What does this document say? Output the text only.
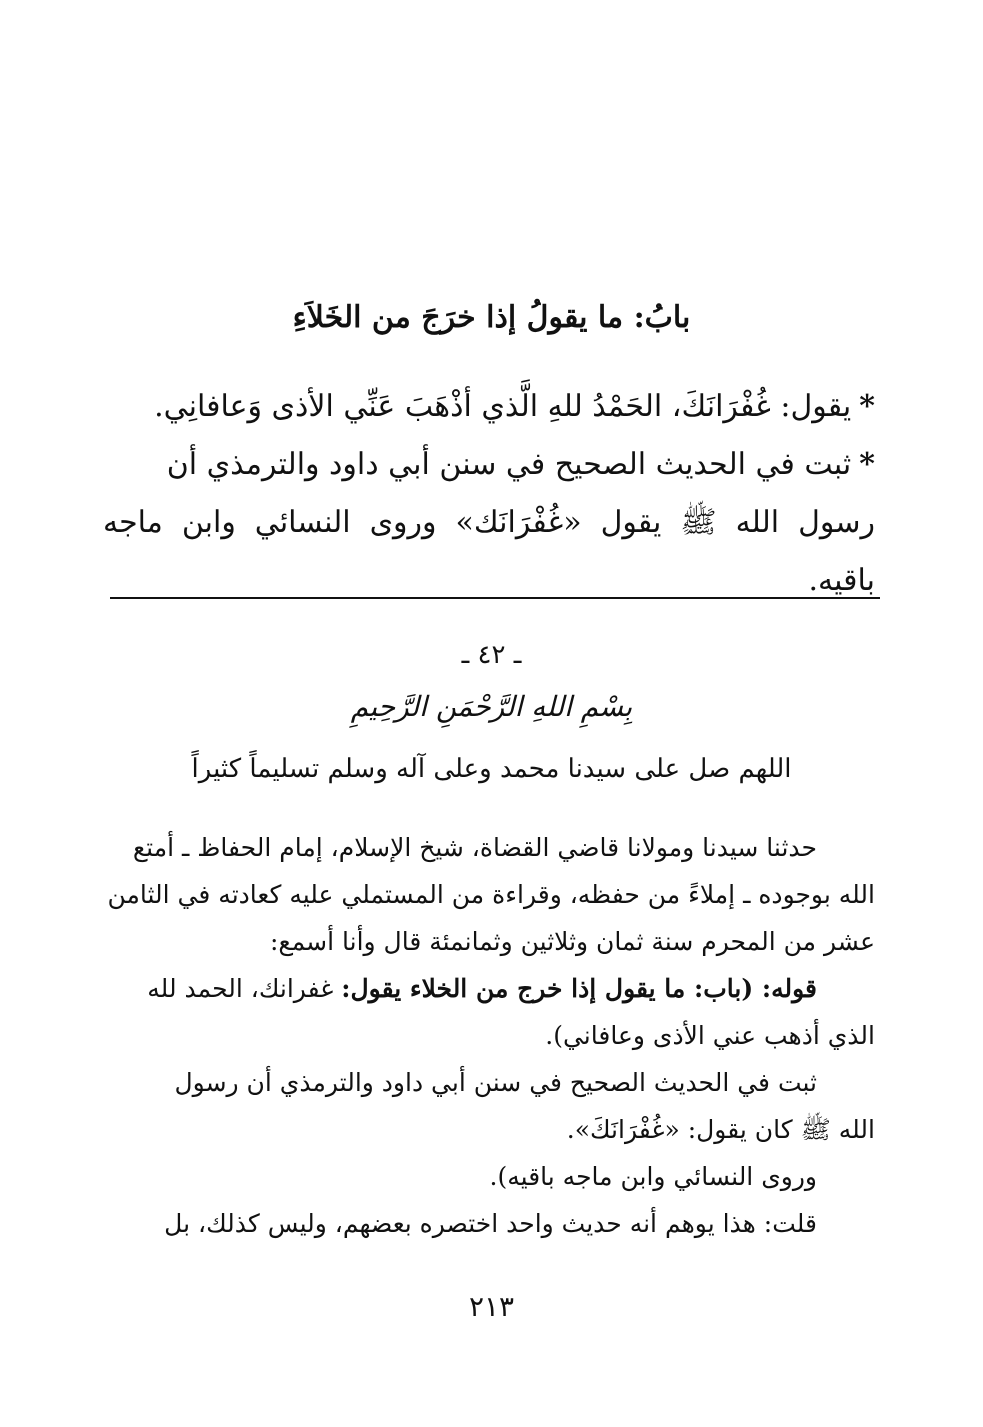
بابُ: ما يقولُ إذا خرَجَ من الخَلاَءِ

*يقول: غُفْرَانَكَ، الحَمْدُ للهِ الَّذي أذْهَبَ عَنِّي الأذى وَعافانِي.

*ثبت في الحديث الصحيح في سنن أبي داود والترمذي أن

رسول الله ﷺ يقول «غُفْرَانَك» وروى النسائي وابن ماجه باقيه.

ـ ٤٢ ـ
بِسْمِ اللهِ الرَّحْمَنِ الرَّحِيمِ
اللهم صل على سيدنا محمد وعلى آله وسلم تسليماً كثيراً

حدثنا سيدنا ومولانا قاضي القضاة، شيخ الإسلام، إمام الحفاظ ـ أمتع
الله بوجوده ـ إملاءً من حفظه، وقراءة من المستملي عليه كعادته في الثامن
عشر من المحرم سنة ثمان وثلاثين وثمانمئة قال وأنا أسمع:

قوله: (باب: ما يقول إذا خرج من الخلاء يقول: غفرانك، الحمد لله
الذي أذهب عني الأذى وعافاني).

ثبت في الحديث الصحيح في سنن أبي داود والترمذي أن رسول
الله ﷺ كان يقول: «غُفْرَانَكَ».

وروى النسائي وابن ماجه باقيه).

قلت: هذا يوهم أنه حديث واحد اختصره بعضهم، وليس كذلك، بل

٢١٣
